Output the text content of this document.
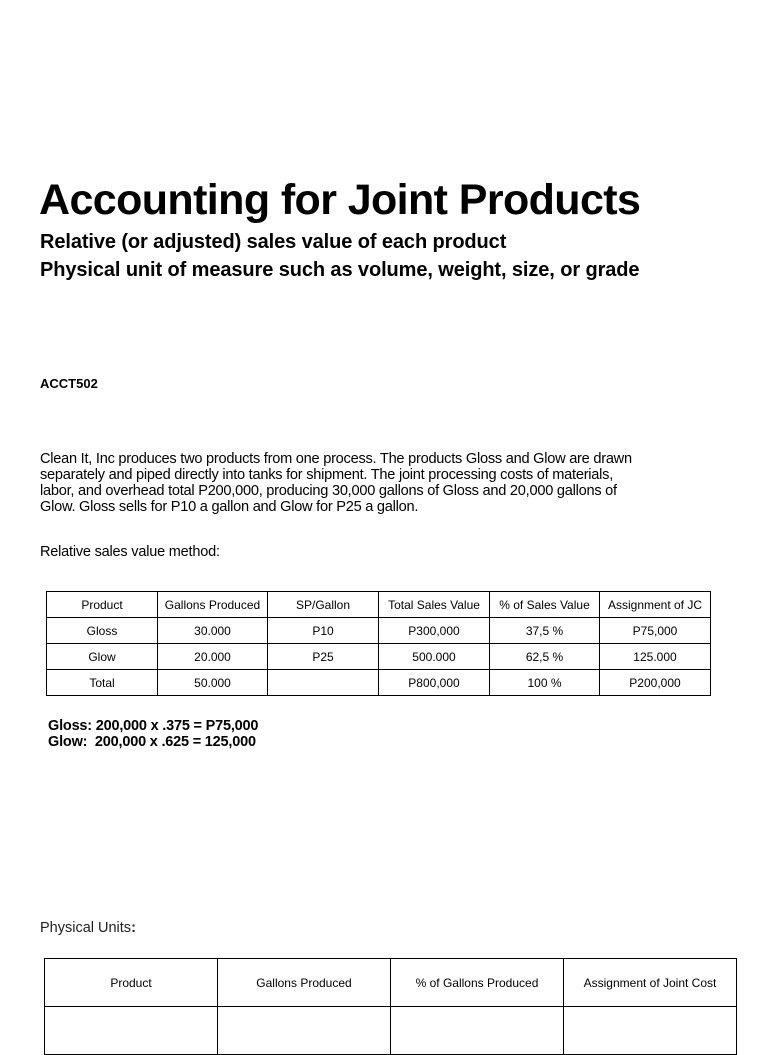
Accounting for Joint Products
Relative (or adjusted) sales value of each product
Physical unit of measure such as volume, weight, size, or grade
ACCT502

Clean It, Inc produces two products from one process. The products Gloss and Glow are drawn

separately and piped directly into tanks for shipment. The joint processing costs of materials,

labor, and overhead total P200,000, producing 30,000 gallons of Gloss and 20,000 gallons of

Glow. Gloss sells for P10 a gallon and Glow for P25 a gallon.

Relative sales value method:
Product	Gallons Produced	SP/Gallon	Total Sales Value	% of Sales Value	Assignment of JC
Gloss	30.000	P10	P300,000	37,5 %	P75,000
Glow	20.000	P25	500.000	62,5 %	125.000
Total	50.000		P800,000	100 %	P200,000

Gloss: 200,000 x .375 = P75,000

Glow:  200,000 x .625 = 125,000

Physical Units:
Product	Gallons Produced	% of Gallons Produced	Assignment of Joint Cost
